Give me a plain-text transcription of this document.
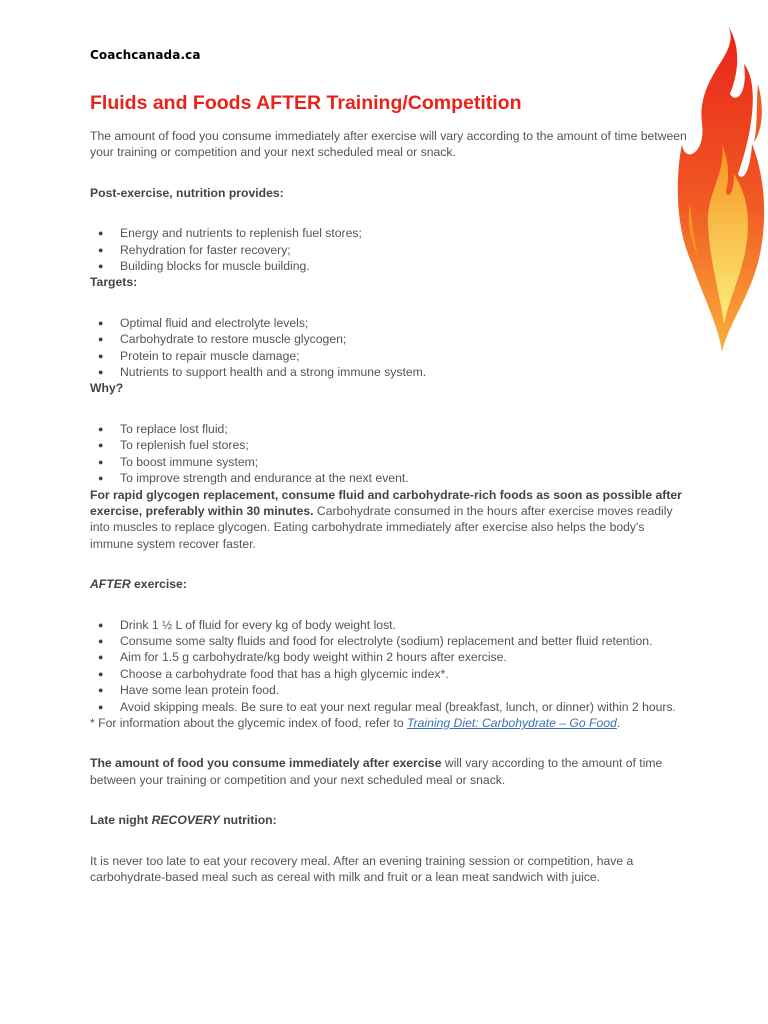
Coachcanada.ca
Fluids and Foods AFTER Training/Competition

The amount of food you consume immediately after exercise will vary according to the amount of time between your training or competition and your next scheduled meal or snack.

Post-exercise, nutrition provides:

● Energy and nutrients to replenish fuel stores;
● Rehydration for faster recovery;
● Building blocks for muscle building.

Targets:

● Optimal fluid and electrolyte levels;
● Carbohydrate to restore muscle glycogen;
● Protein to repair muscle damage;
● Nutrients to support health and a strong immune system.

Why?

● To replace lost fluid;
● To replenish fuel stores;
● To boost immune system;
● To improve strength and endurance at the next event.

For rapid glycogen replacement, consume fluid and carbohydrate-rich foods as soon as possible after exercise, preferably within 30 minutes. Carbohydrate consumed in the hours after exercise moves readily into muscles to replace glycogen. Eating carbohydrate immediately after exercise also helps the body's immune system recover faster.

AFTER exercise:

● Drink 1 ½ L of fluid for every kg of body weight lost.
● Consume some salty fluids and food for electrolyte (sodium) replacement and better fluid retention.
● Aim for 1.5 g carbohydrate/kg body weight within 2 hours after exercise.
● Choose a carbohydrate food that has a high glycemic index*.
● Have some lean protein food.
● Avoid skipping meals. Be sure to eat your next regular meal (breakfast, lunch, or dinner) within 2 hours.

* For information about the glycemic index of food, refer to Training Diet: Carbohydrate – Go Food.

The amount of food you consume immediately after exercise will vary according to the amount of time between your training or competition and your next scheduled meal or snack.

Late night RECOVERY nutrition:

It is never too late to eat your recovery meal. After an evening training session or competition, have a carbohydrate-based meal such as cereal with milk and fruit or a lean meat sandwich with juice.
